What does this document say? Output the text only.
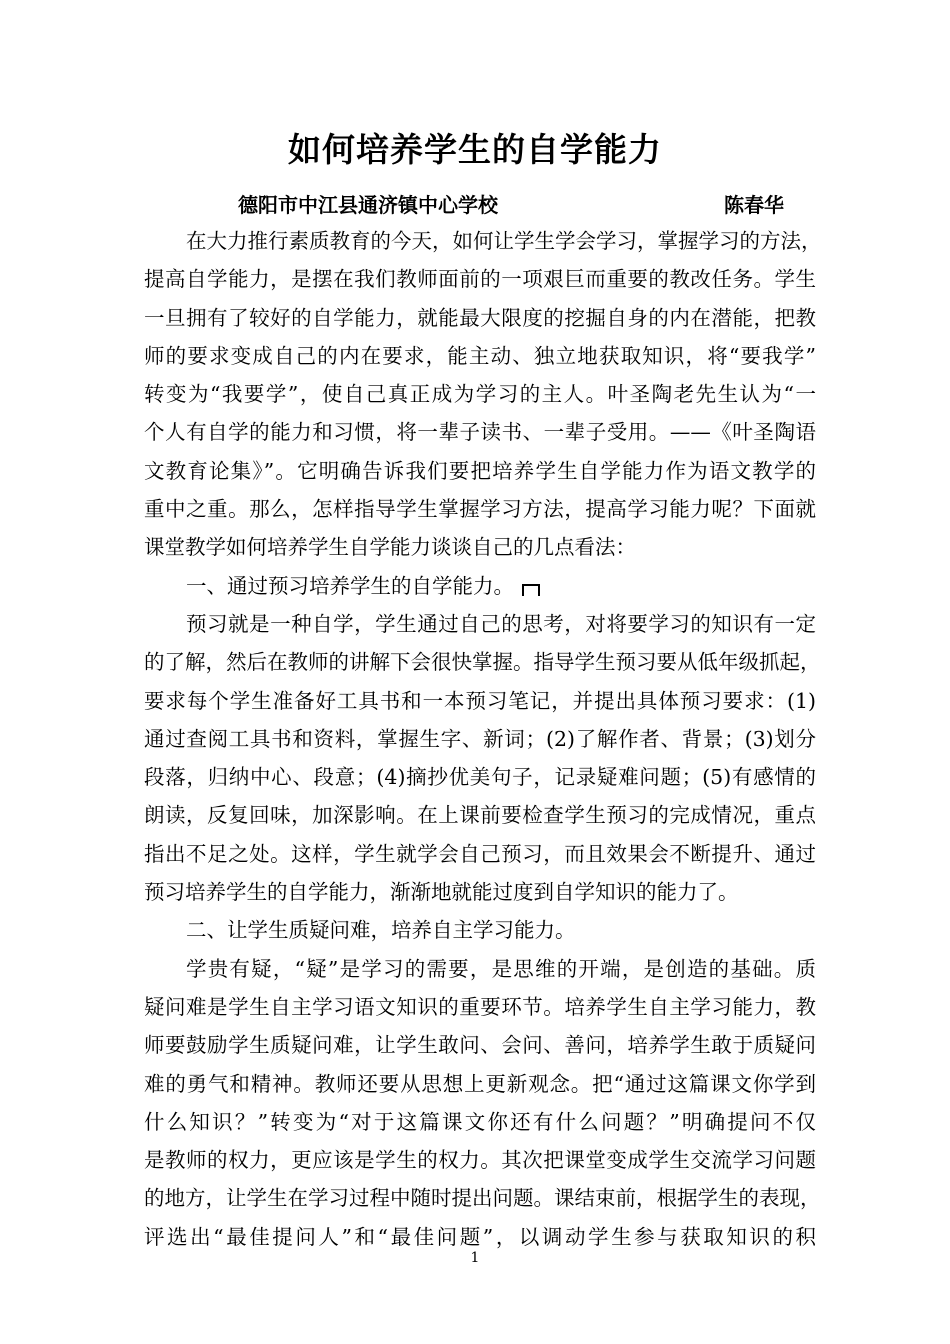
如何培养学生的自学能力
德阳市中江县通济镇中心学校	陈春华
在大力推行素质教育的今天，如何让学生学会学习，掌握学习的方法，
提高自学能力，是摆在我们教师面前的一项艰巨而重要的教改任务。学生
一旦拥有了较好的自学能力，就能最大限度的挖掘自身的内在潜能，把教
师的要求变成自己的内在要求，能主动、独立地获取知识，将“要我学”
转变为“我要学”，使自己真正成为学习的主人。叶圣陶老先生认为“一
个人有自学的能力和习惯，将一辈子读书、一辈子受用。——《叶圣陶语
文教育论集》”。它明确告诉我们要把培养学生自学能力作为语文教学的
重中之重。那么，怎样指导学生掌握学习方法，提高学习能力呢？下面就
课堂教学如何培养学生自学能力谈谈自己的几点看法：
一、通过预习培养学生的自学能力。
预习就是一种自学，学生通过自己的思考，对将要学习的知识有一定
的了解，然后在教师的讲解下会很快掌握。指导学生预习要从低年级抓起，
要求每个学生准备好工具书和一本预习笔记，并提出具体预习要求：(1)
通过查阅工具书和资料，掌握生字、新词；(2)了解作者、背景；(3)划分
段落，归纳中心、段意；(4)摘抄优美句子，记录疑难问题；(5)有感情的
朗读，反复回味，加深影响。在上课前要检查学生预习的完成情况，重点
指出不足之处。这样，学生就学会自己预习，而且效果会不断提升、通过
预习培养学生的自学能力，渐渐地就能过度到自学知识的能力了。
二、让学生质疑问难，培养自主学习能力。
学贵有疑，“疑”是学习的需要，是思维的开端，是创造的基础。质
疑问难是学生自主学习语文知识的重要环节。培养学生自主学习能力，教
师要鼓励学生质疑问难，让学生敢问、会问、善问，培养学生敢于质疑问
难的勇气和精神。教师还要从思想上更新观念。把“通过这篇课文你学到
什么知识？”转变为“对于这篇课文你还有什么问题？”明确提问不仅
是教师的权力，更应该是学生的权力。其次把课堂变成学生交流学习问题
的地方，让学生在学习过程中随时提出问题。课结束前，根据学生的表现，
评选出“最佳提问人”和“最佳问题”，以调动学生参与获取知识的积
1
